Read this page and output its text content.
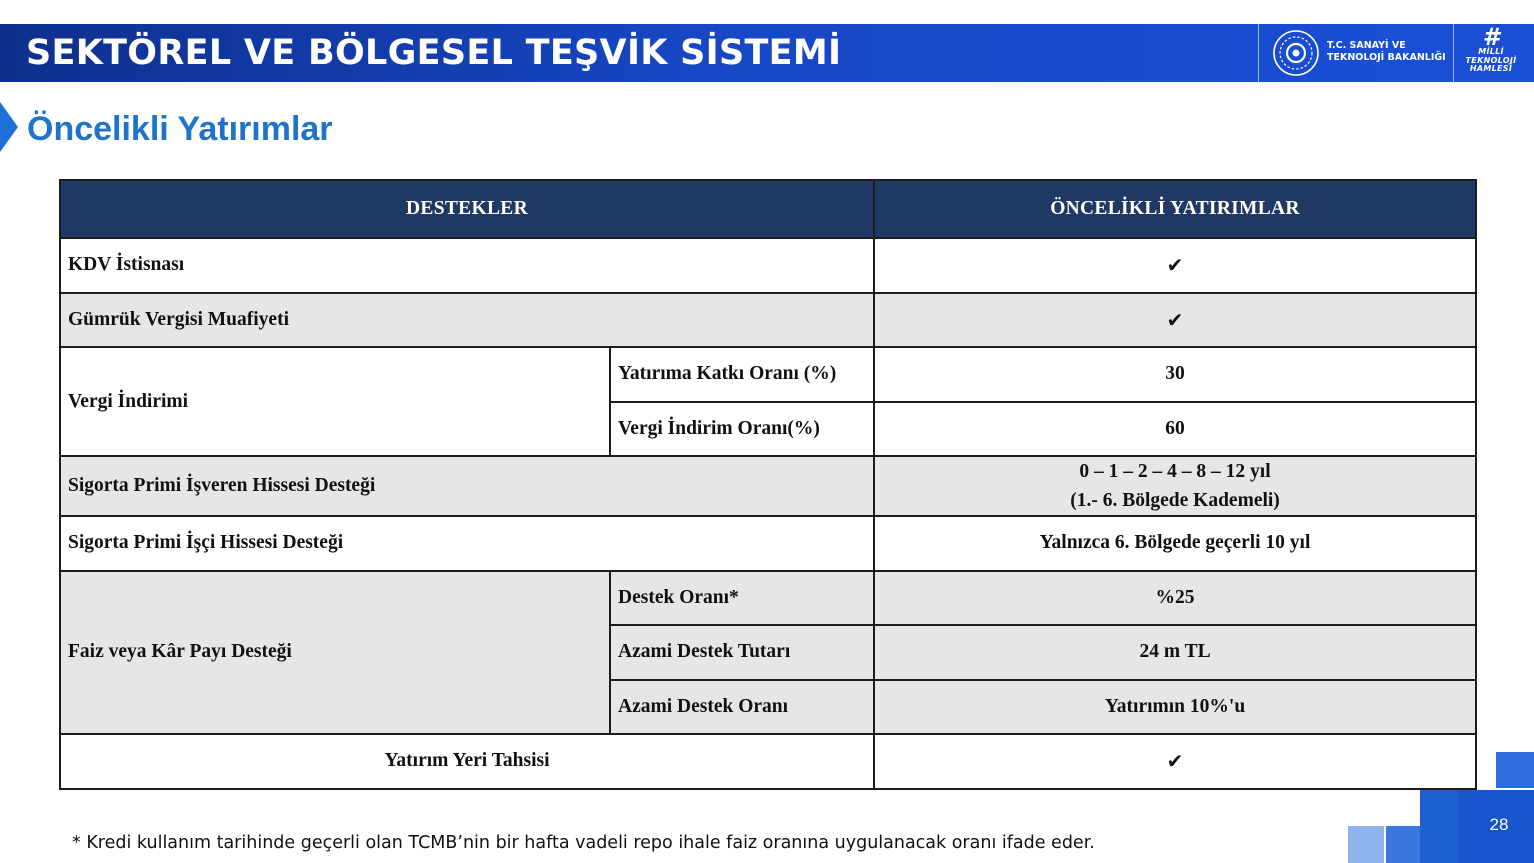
SEKTÖREL VE BÖLGESEL TEŞVİK SİSTEMİ	T.C. SANAYİ VE
TEKNOLOJİ BAKANLIĞI
#
MİLLİ
TEKNOLOJİ
HAMLESİ
Öncelikli Yatırımlar
DESTEKLER		ÖNCELİKLİ YATIRIMLAR
KDV İstisnası		✔
Gümrük Vergisi Muafiyeti		✔
Vergi İndirimi	Yatırıma Katkı Oranı (%)	30
	Vergi İndirim Oranı(%)	60
Sigorta Primi İşveren Hissesi Desteği		0 – 1 – 2 – 4 – 8 – 12 yıl
(1.- 6. Bölgede Kademeli)

Sigorta Primi İşçi Hissesi Desteği		Yalnızca 6. Bölgede geçerli 10 yıl
Faiz veya Kâr Payı Desteği	Destek Oranı*	%25
	Azami Destek Tutarı	24 m TL
	Azami Destek Oranı	Yatırımın 10%'u
Yatırım Yeri Tahsisi		✔
28
* Kredi kullanım tarihinde geçerli olan TCMB’nin bir hafta vadeli repo ihale faiz oranına uygulanacak oranı ifade eder.
